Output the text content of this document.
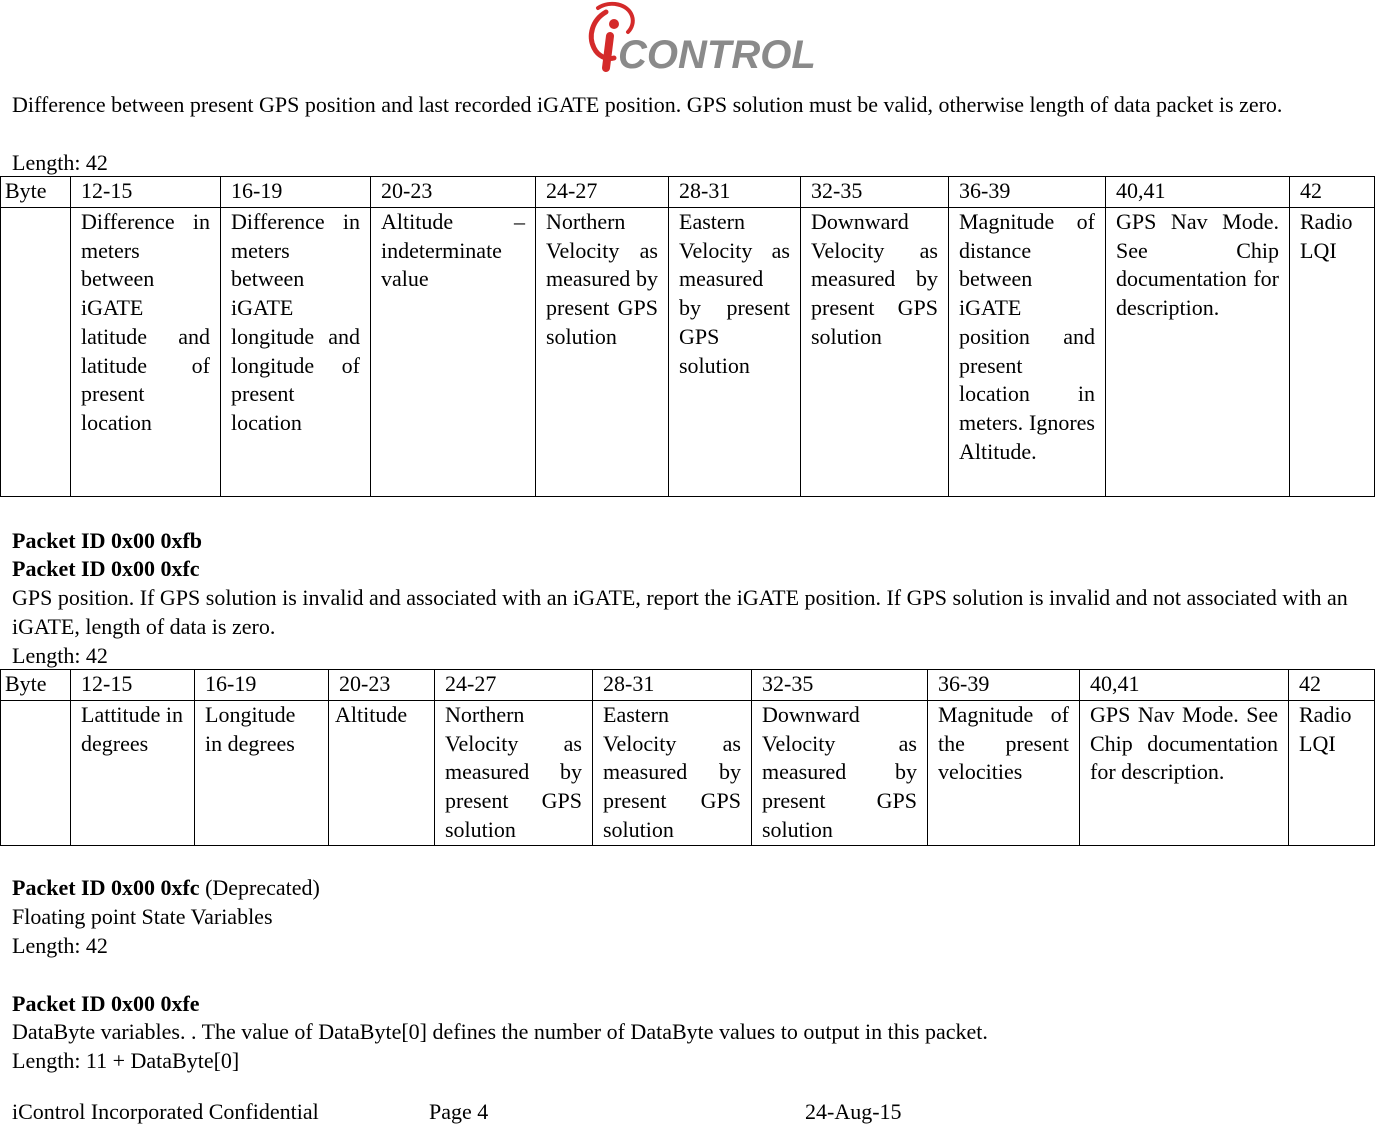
CONTROL
Difference between present GPS position and last recorded iGATE position. GPS solution must be valid, otherwise length of data packet is zero.
Length: 42
Byte	12-15	16-19	20-23	24-27	28-31	32-35	36-39	40,41	42
	Difference in meters between iGATE latitude and latitude of present location	Difference in meters between iGATE longitude and longitude of present location	Altitude – indeterminate value	Northern Velocity as measured by present GPS solution	Eastern Velocity as measured by present GPS solution	Downward Velocity as measured by present GPS solution	Magnitude of distance between iGATE position and present location in meters. Ignores Altitude.	GPS Nav Mode. See Chip documentation for description.	Radio LQI
Packet ID 0x00 0xfb
Packet ID 0x00 0xfc
GPS position. If GPS solution is invalid and associated with an iGATE, report the iGATE position. If GPS solution is invalid and not associated with an iGATE, length of data is zero.
Length: 42
Byte	12-15	16-19	20-23	24-27	28-31	32-35	36-39	40,41	42
	Lattitude in degrees	Longitude in degrees	Altitude	Northern Velocity as measured by present GPS solution	Eastern Velocity as measured by present GPS solution	Downward Velocity as measured by present GPS solution	Magnitude of the present velocities	GPS Nav Mode. See Chip documentation for description.	Radio LQI
Packet ID 0x00 0xfc (Deprecated)
Floating point State Variables
Length: 42
Packet ID 0x00 0xfe
DataByte variables. . The value of DataByte[0] defines the number of DataByte values to output in this packet.
Length: 11 + DataByte[0]
iControl Incorporated Confidential	Page 4	24-Aug-15
